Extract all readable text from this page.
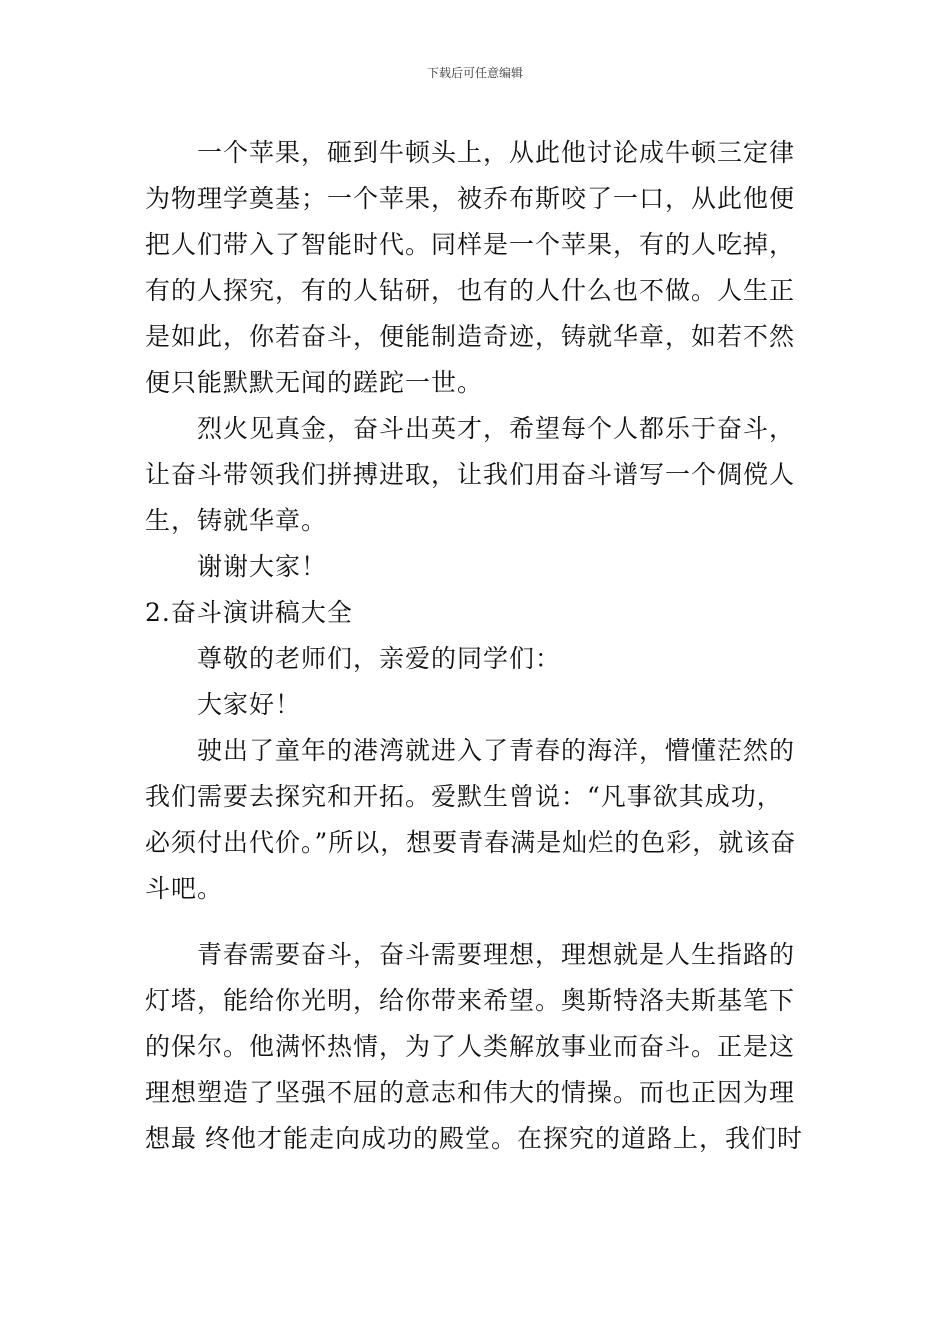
下载后可任意编辑

一个苹果，砸到牛顿头上，从此他讨论成牛顿三定律为物理学奠基；一个苹果，被乔布斯咬了一口，从此他便把人们带入了智能时代。同样是一个苹果，有的人吃掉，有的人探究，有的人钻研，也有的人什么也不做。人生正是如此，你若奋斗，便能制造奇迹，铸就华章，如若不然便只能默默无闻的蹉跎一世。

烈火见真金，奋斗出英才，希望每个人都乐于奋斗，让奋斗带领我们拼搏进取，让我们用奋斗谱写一个倜傥人生，铸就华章。

谢谢大家！

2.奋斗演讲稿大全

尊敬的老师们，亲爱的同学们：

大家好！

驶出了童年的港湾就进入了青春的海洋，懵懂茫然的我们需要去探究和开拓。爱默生曾说：“凡事欲其成功，必须付出代价。”所以，想要青春满是灿烂的色彩，就该奋斗吧。

青春需要奋斗，奋斗需要理想，理想就是人生指路的灯塔，能给你光明，给你带来希望。奥斯特洛夫斯基笔下的保尔。他满怀热情，为了人类解放事业而奋斗。正是这理想塑造了坚强不屈的意志和伟大的情操。而也正因为理想最 终他才能走向成功的殿堂。在探究的道路上，我们时
